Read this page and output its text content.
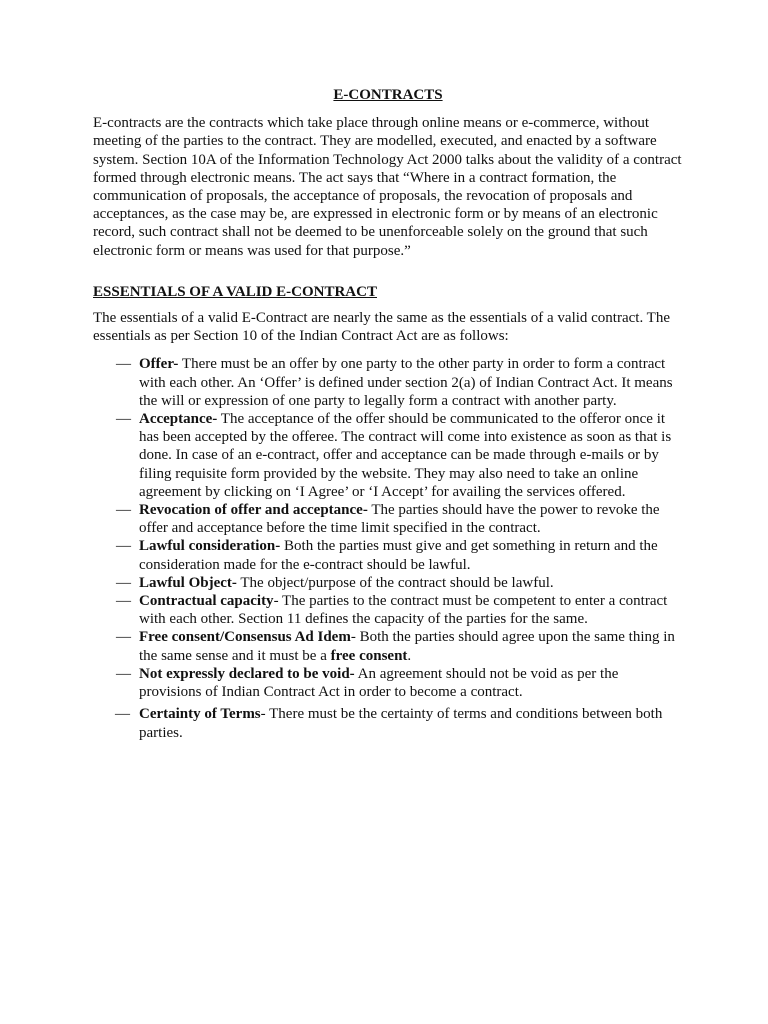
E-CONTRACTS

E-contracts are the contracts which take place through online means or e-commerce, without meeting of the parties to the contract. They are modelled, executed, and enacted by a software system. Section 10A of the Information Technology Act 2000 talks about the validity of a contract formed through electronic means. The act says that “Where in a contract formation, the communication of proposals, the acceptance of proposals, the revocation of proposals and acceptances, as the case may be, are expressed in electronic form or by means of an electronic record, such contract shall not be deemed to be unenforceable solely on the ground that such electronic form or means was used for that purpose.”

ESSENTIALS OF A VALID E-CONTRACT

The essentials of a valid E-Contract are nearly the same as the essentials of a valid contract. The essentials as per Section 10 of the Indian Contract Act are as follows:

— Offer- There must be an offer by one party to the other party in order to form a contract with each other. An ‘Offer’ is defined under section 2(a) of Indian Contract Act. It means the will or expression of one party to legally form a contract with another party.
— Acceptance- The acceptance of the offer should be communicated to the offeror once it has been accepted by the offeree. The contract will come into existence as soon as that is done. In case of an e-contract, offer and acceptance can be made through e-mails or by filing requisite form provided by the website. They may also need to take an online agreement by clicking on ‘I Agree’ or ‘I Accept’ for availing the services offered.
— Revocation of offer and acceptance- The parties should have the power to revoke the offer and acceptance before the time limit specified in the contract.
— Lawful consideration- Both the parties must give and get something in return and the consideration made for the e-contract should be lawful.
— Lawful Object- The object/purpose of the contract should be lawful.
— Contractual capacity- The parties to the contract must be competent to enter a contract with each other. Section 11 defines the capacity of the parties for the same.
— Free consent/Consensus Ad Idem- Both the parties should agree upon the same thing in the same sense and it must be a free consent.
— Not expressly declared to be void- An agreement should not be void as per the provisions of Indian Contract Act in order to become a contract.
— Certainty of Terms- There must be the certainty of terms and conditions between both parties.
